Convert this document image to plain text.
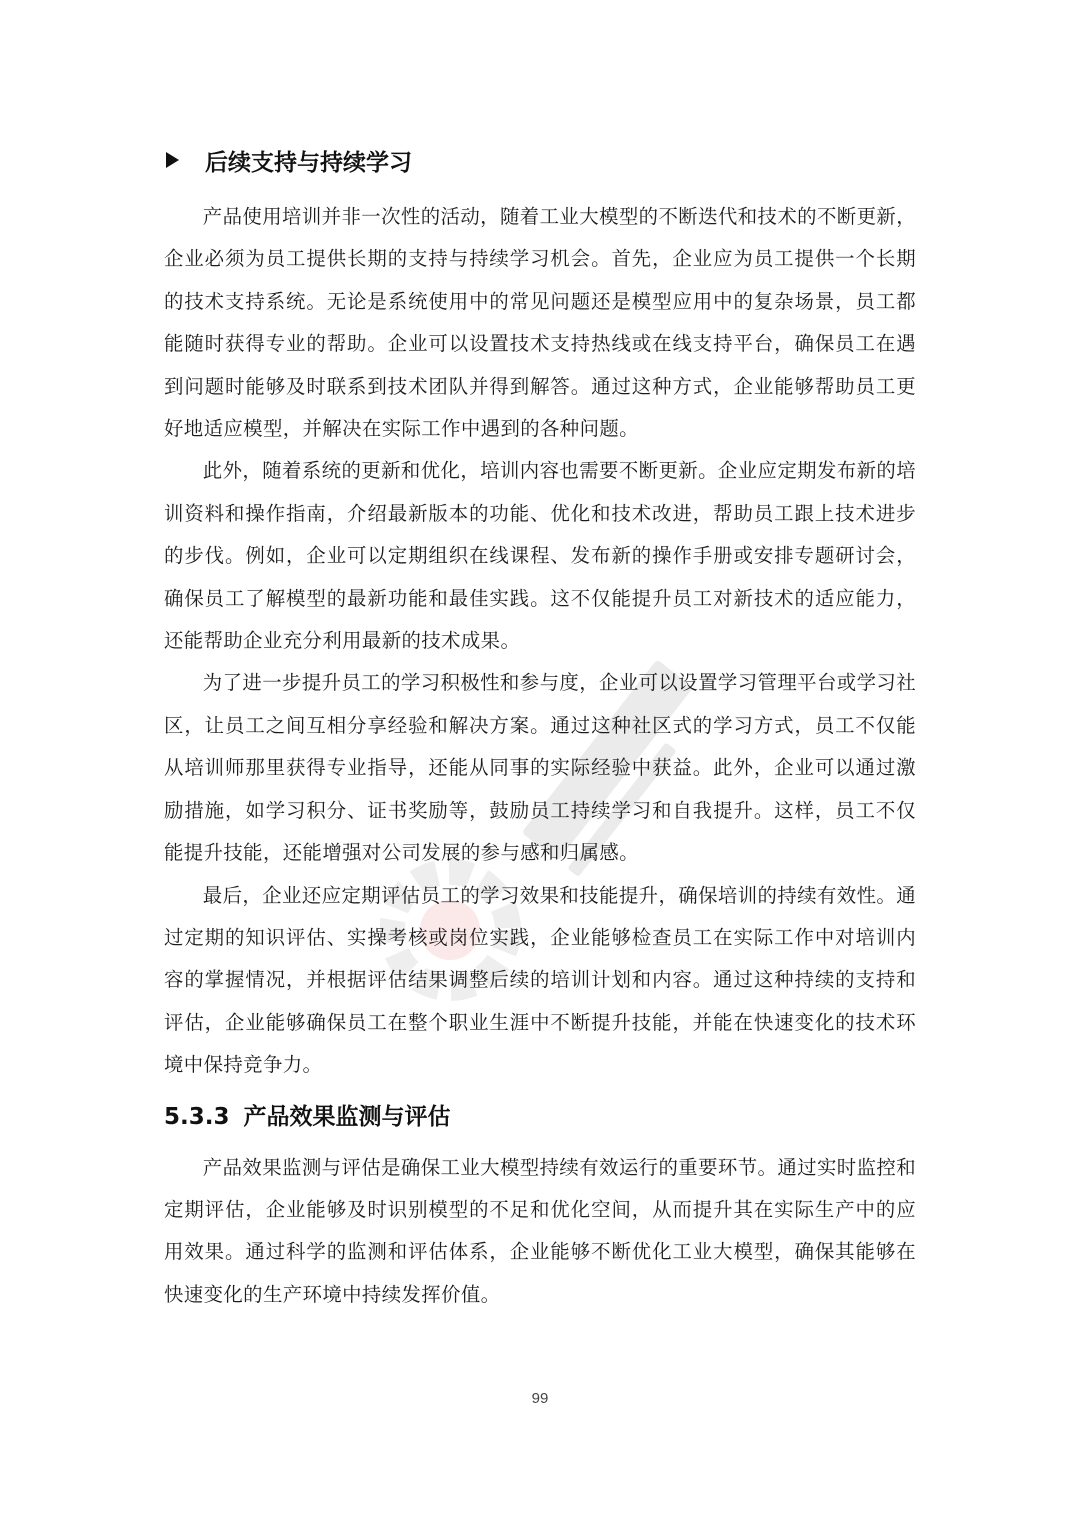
后续支持与持续学习

产品使用培训并非一次性的活动，随着工业大模型的不断迭代和技术的不断更新，企业必须为员工提供长期的支持与持续学习机会。首先，企业应为员工提供一个长期的技术支持系统。无论是系统使用中的常见问题还是模型应用中的复杂场景，员工都能随时获得专业的帮助。企业可以设置技术支持热线或在线支持平台，确保员工在遇到问题时能够及时联系到技术团队并得到解答。通过这种方式，企业能够帮助员工更好地适应模型，并解决在实际工作中遇到的各种问题。

此外，随着系统的更新和优化，培训内容也需要不断更新。企业应定期发布新的培训资料和操作指南，介绍最新版本的功能、优化和技术改进，帮助员工跟上技术进步的步伐。例如，企业可以定期组织在线课程、发布新的操作手册或安排专题研讨会，确保员工了解模型的最新功能和最佳实践。这不仅能提升员工对新技术的适应能力，还能帮助企业充分利用最新的技术成果。

为了进一步提升员工的学习积极性和参与度，企业可以设置学习管理平台或学习社区，让员工之间互相分享经验和解决方案。通过这种社区式的学习方式，员工不仅能从培训师那里获得专业指导，还能从同事的实际经验中获益。此外，企业可以通过激励措施，如学习积分、证书奖励等，鼓励员工持续学习和自我提升。这样，员工不仅能提升技能，还能增强对公司发展的参与感和归属感。

最后，企业还应定期评估员工的学习效果和技能提升，确保培训的持续有效性。通过定期的知识评估、实操考核或岗位实践，企业能够检查员工在实际工作中对培训内容的掌握情况，并根据评估结果调整后续的培训计划和内容。通过这种持续的支持和评估，企业能够确保员工在整个职业生涯中不断提升技能，并能在快速变化的技术环境中保持竞争力。

5.3.3 产品效果监测与评估

产品效果监测与评估是确保工业大模型持续有效运行的重要环节。通过实时监控和定期评估，企业能够及时识别模型的不足和优化空间，从而提升其在实际生产中的应用效果。通过科学的监测和评估体系，企业能够不断优化工业大模型，确保其能够在快速变化的生产环境中持续发挥价值。

99
